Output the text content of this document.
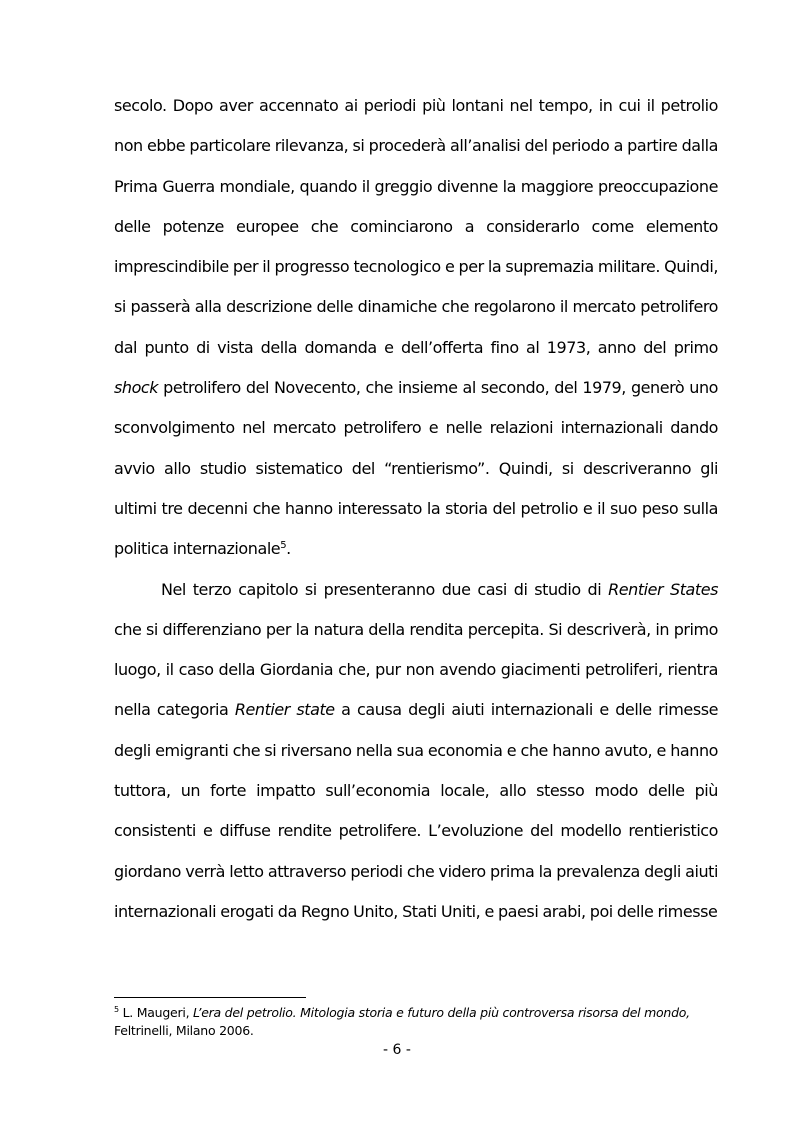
secolo. Dopo aver accennato ai periodi più lontani nel tempo, in cui il petrolio non ebbe particolare rilevanza, si procederà all’analisi del periodo a partire dalla Prima Guerra mondiale, quando il greggio divenne la maggiore preoccupazione delle potenze europee che cominciarono a considerarlo come elemento imprescindibile per il progresso tecnologico e per la supremazia militare. Quindi, si passerà alla descrizione delle dinamiche che regolarono il mercato petrolifero dal punto di vista della domanda e dell’offerta fino al 1973, anno del primo shock petrolifero del Novecento, che insieme al secondo, del 1979, generò uno sconvolgimento nel mercato petrolifero e nelle relazioni internazionali dando avvio allo studio sistematico del “rentierismo”. Quindi, si descriveranno gli ultimi tre decenni che hanno interessato la storia del petrolio e il suo peso sulla politica internazionale$^5$.

Nel terzo capitolo si presenteranno due casi di studio di Rentier States che si differenziano per la natura della rendita percepita. Si descriverà, in primo luogo, il caso della Giordania che, pur non avendo giacimenti petroliferi, rientra nella categoria Rentier state a causa degli aiuti internazionali e delle rimesse degli emigranti che si riversano nella sua economia e che hanno avuto, e hanno tuttora, un forte impatto sull’economia locale, allo stesso modo delle più consistenti e diffuse rendite petrolifere. L’evoluzione del modello rentieristico giordano verrà letto attraverso periodi che videro prima la prevalenza degli aiuti internazionali erogati da Regno Unito, Stati Uniti, e paesi arabi, poi delle rimesse

$^5$ L. Maugeri, L’era del petrolio. Mitologia storia e futuro della più controversa risorsa del mondo, Feltrinelli, Milano 2006.
- 6 -
